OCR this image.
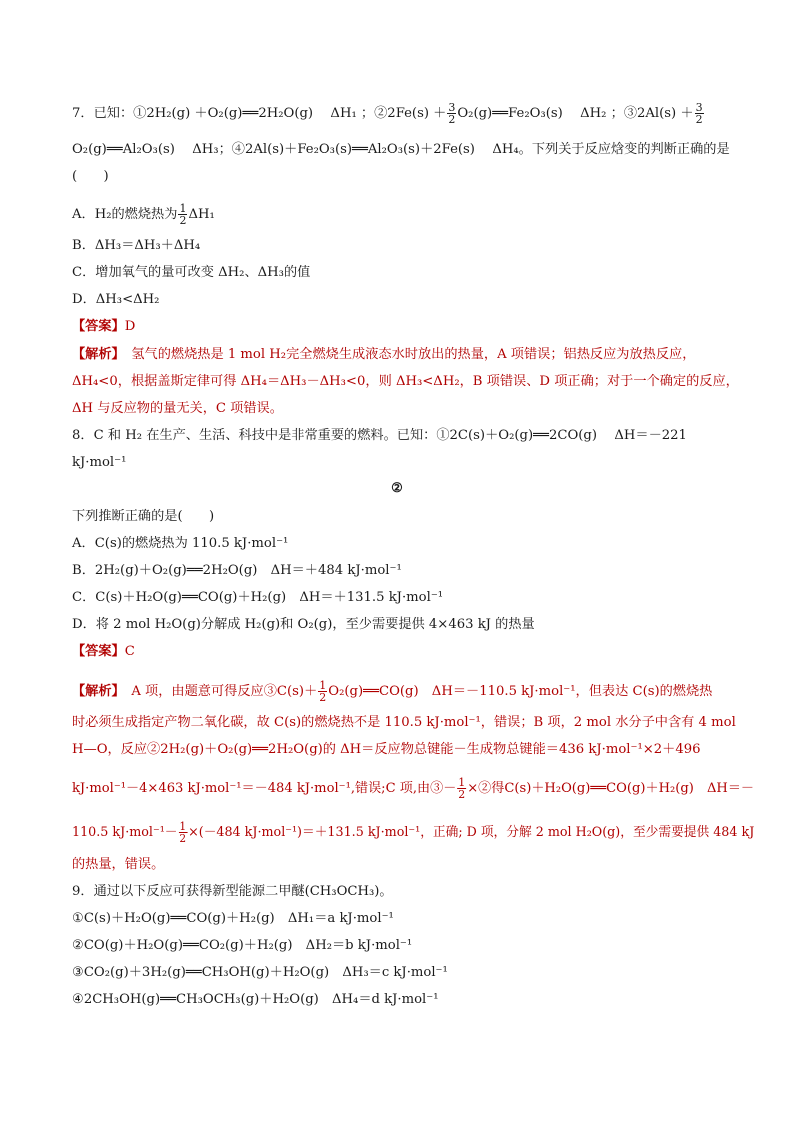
7．已知：①2H₂(g) ＋O₂(g)══2H₂O(g)　 ΔH₁ ；②2Fe(s) ＋ $\frac{3}{2}$ O₂(g)══Fe₂O₃(s) 　ΔH₂ ；③2Al(s) ＋ $\frac{3}{2}$
O₂(g)══Al₂O₃(s) 　ΔH₃；④2Al(s)＋Fe₂O₃(s)══Al₂O₃(s)＋2Fe(s) 　ΔH₄。下列关于反应焓变的判断正确的是
(　　)
A．H₂的燃烧热为 $\frac{1}{2} \Delta H_1$
B．ΔH₃＝ΔH₃＋ΔH₄
C．增加氧气的量可改变 ΔH₂、ΔH₃的值
D．ΔH₃<ΔH₂
【答案】D
【解析】　氢气的燃烧热是 1 mol H₂完全燃烧生成液态水时放出的热量，A 项错误；铝热反应为放热反应，
ΔH₄<0，根据盖斯定律可得 ΔH₄＝ΔH₃－ΔH₃<0，则 ΔH₃<ΔH₂，B 项错误、D 项正确；对于一个确定的反应，
ΔH 与反应物的量无关，C 项错误。
8．C 和 H₂ 在生产、生活、科技中是非常重要的燃料。已知：①2C(s)＋O₂(g)══2CO(g)　 ΔH＝－221
kJ·mol⁻¹
②
下列推断正确的是(　　)
A．C(s)的燃烧热为 110.5 kJ·mol⁻¹
B．2H₂(g)＋O₂(g)══2H₂O(g)　ΔH＝＋484 kJ·mol⁻¹
C．C(s)＋H₂O(g)══CO(g)＋H₂(g)　ΔH＝＋131.5 kJ·mol⁻¹
D．将 2 mol H₂O(g)分解成 H₂(g)和 O₂(g)，至少需要提供 4×463 kJ 的热量
【答案】C
【解析】　A 项，由题意可得反应③C(s)＋ $\frac{1}{2}$ O₂(g)══CO(g)　ΔH＝－110.5 kJ·mol⁻¹，但表达 C(s)的燃烧热
时必须生成指定产物二氧化碳，故 C(s)的燃烧热不是 110.5 kJ·mol⁻¹，错误；B 项，2 mol 水分子中含有 4 mol
H—O，反应②2H₂(g)＋O₂(g)══2H₂O(g)的 ΔH＝反应物总键能－生成物总键能＝436 kJ·mol⁻¹×2＋496
kJ·mol⁻¹－4×463 kJ·mol⁻¹＝－484 kJ·mol⁻¹,错误;C 项,由③－ $\frac{1}{2}$ ×②得C(s)＋H₂O(g)══CO(g)＋H₂(g)　ΔH＝－
110.5 $kJ\cdot mol^{-1}- \frac{1}{2} \times(-484$ kJ·mol⁻¹)＝＋131.5 kJ·mol⁻¹，正确; D 项，分解 2 mol H₂O(g)，至少需要提供 484 kJ
的热量，错误。
9．通过以下反应可获得新型能源二甲醚(CH₃OCH₃)。
①C(s)＋H₂O(g)══CO(g)＋H₂(g)　ΔH₁＝a kJ·mol⁻¹
②CO(g)＋H₂O(g)══CO₂(g)＋H₂(g)　ΔH₂＝b kJ·mol⁻¹
③CO₂(g)＋3H₂(g)══CH₃OH(g)＋H₂O(g)　ΔH₃＝c kJ·mol⁻¹
④2CH₃OH(g)══CH₃OCH₃(g)＋H₂O(g)　ΔH₄＝d kJ·mol⁻¹
